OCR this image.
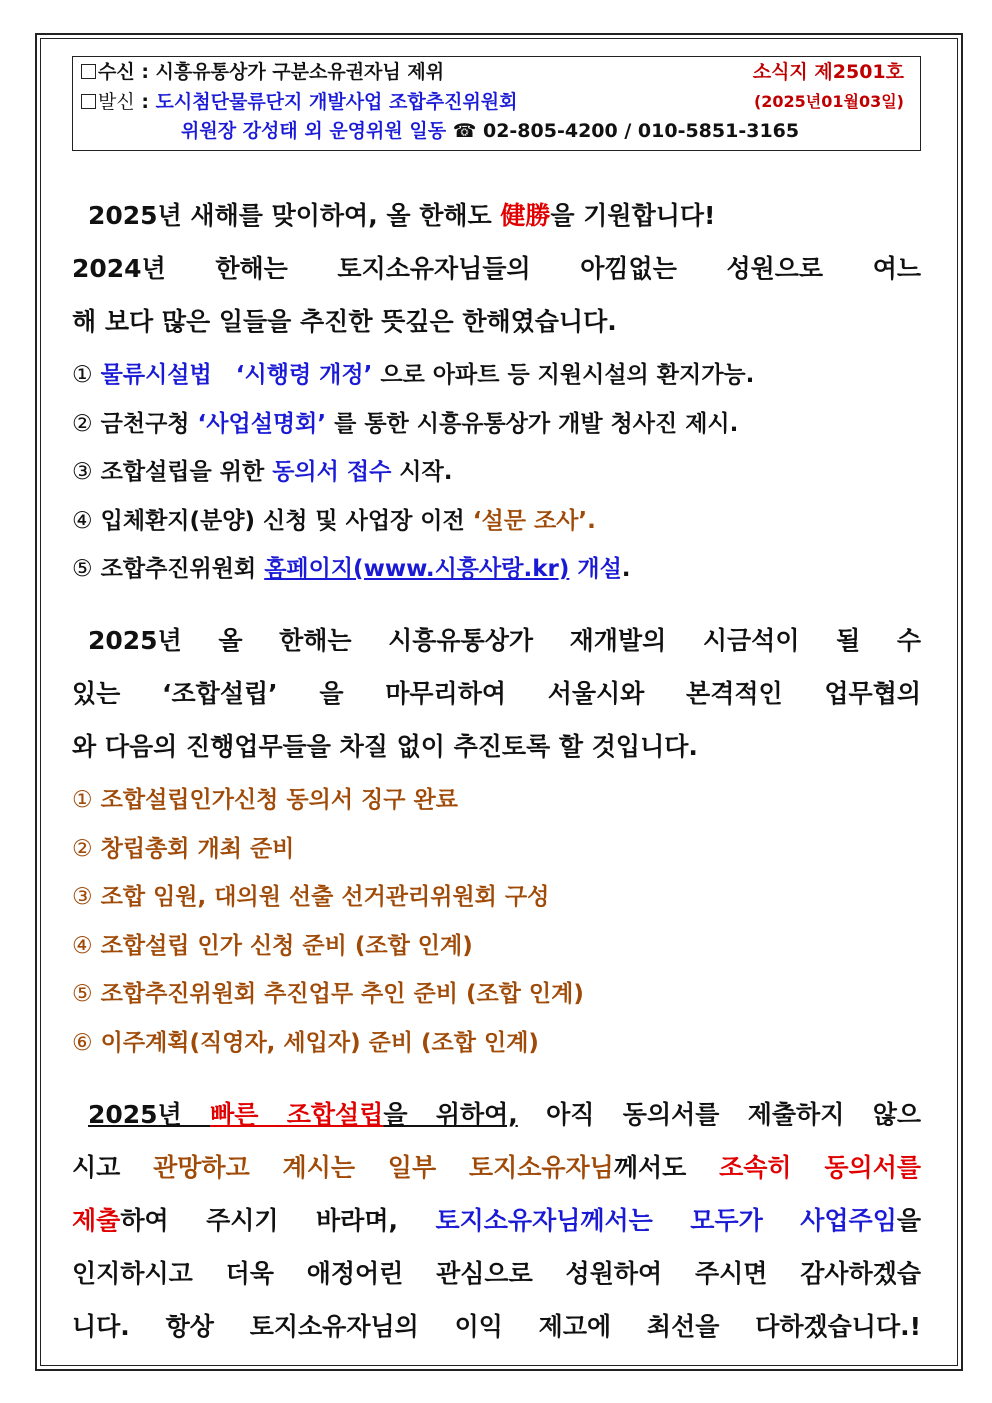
수신 : 시흥유통상가 구분소유권자님 제위
발신 : 도시첨단물류단지 개발사업 조합추진위원회
위원장 강성태 외 운영위원 일동 ☎ 02-805-4200 / 010-5851-3165
소식지 제2501호
(2025년01월03일)
2025년 새해를 맞이하여, 올 한해도 健勝을 기원합니다!
2024년 한해는 토지소유자님들의 아낌없는 성원으로 여느
해 보다 많은 일들을 추진한 뜻깊은 한해였습니다.
① 물류시설법 ‘시행령 개정’ 으로 아파트 등 지원시설의 환지가능.
② 금천구청 ‘사업설명회’ 를 통한 시흥유통상가 개발 청사진 제시.
③ 조합설립을 위한 동의서 접수 시작.
④ 입체환지(분양) 신청 및 사업장 이전 ‘설문 조사’.
⑤ 조합추진위원회 홈페이지(www.시흥사랑.kr) 개설.
2025년 올 한해는 시흥유통상가 재개발의 시금석이 될 수
있는 ‘조합설립’ 을 마무리하여 서울시와 본격적인 업무협의
와 다음의 진행업무들을 차질 없이 추진토록 할 것입니다.
① 조합설립인가신청 동의서 징구 완료
② 창립총회 개최 준비
③ 조합 임원, 대의원 선출 선거관리위원회 구성
④ 조합설립 인가 신청 준비 (조합 인계)
⑤ 조합추진위원회 추진업무 추인 준비 (조합 인계)
⑥ 이주계획(직영자, 세입자) 준비 (조합 인계)
2025년 빠른 조합설립을 위하여, 아직 동의서를 제출하지 않으
시고 관망하고 계시는 일부 토지소유자님께서도 조속히 동의서를
제출하여 주시기 바라며, 토지소유자님께서는 모두가 사업주임을
인지하시고 더욱 애정어린 관심으로 성원하여 주시면 감사하겠습
니다. 항상 토지소유자님의 이익 제고에 최선을 다하겠습니다.!
